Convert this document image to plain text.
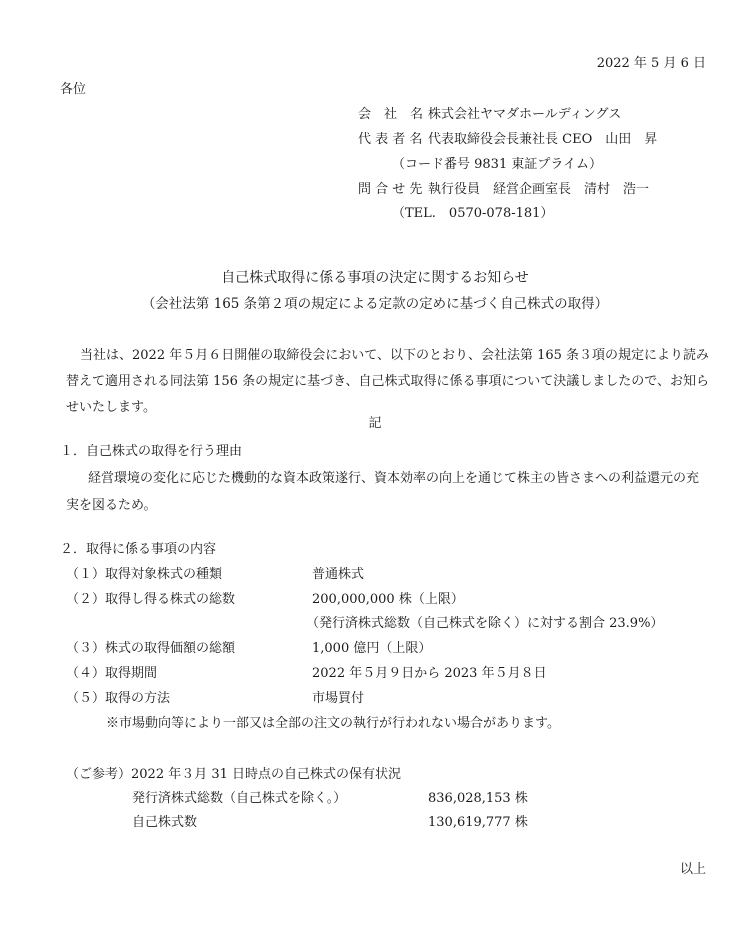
2022 年 5 月 6 日
各位
会　社　名 株式会社ヤマダホールディングス
代 表 者 名 代表取締役会長兼社長 CEO　山田　昇
（コード番号 9831 東証プライム）
問 合 せ 先 執行役員　経営企画室長　清村　浩一
（TEL.　0570-078-181）
自己株式取得に係る事項の決定に関するお知らせ
（会社法第 165 条第２項の規定による定款の定めに基づく自己株式の取得）
当社は、2022 年５月６日開催の取締役会において、以下のとおり、会社法第 165 条３項の規定により読み替えて適用される同法第 156 条の規定に基づき、自己株式取得に係る事項について決議しましたので、お知らせいたします。
記
１．自己株式の取得を行う理由
経営環境の変化に応じた機動的な資本政策遂行、資本効率の向上を通じて株主の皆さまへの利益還元の充実を図るため。
２．取得に係る事項の内容
（１）取得対象株式の種類	普通株式
（２）取得し得る株式の総数	200,000,000 株（上限）
（発行済株式総数（自己株式を除く）に対する割合 23.9%）
（３）株式の取得価額の総額	1,000 億円（上限）
（４）取得期間	2022 年５月９日から 2023 年５月８日
（５）取得の方法	市場買付
※市場動向等により一部又は全部の注文の執行が行われない場合があります。
（ご参考）2022 年３月 31 日時点の自己株式の保有状況
発行済株式総数（自己株式を除く。）	836,028,153 株
自己株式数	130,619,777 株
以上
